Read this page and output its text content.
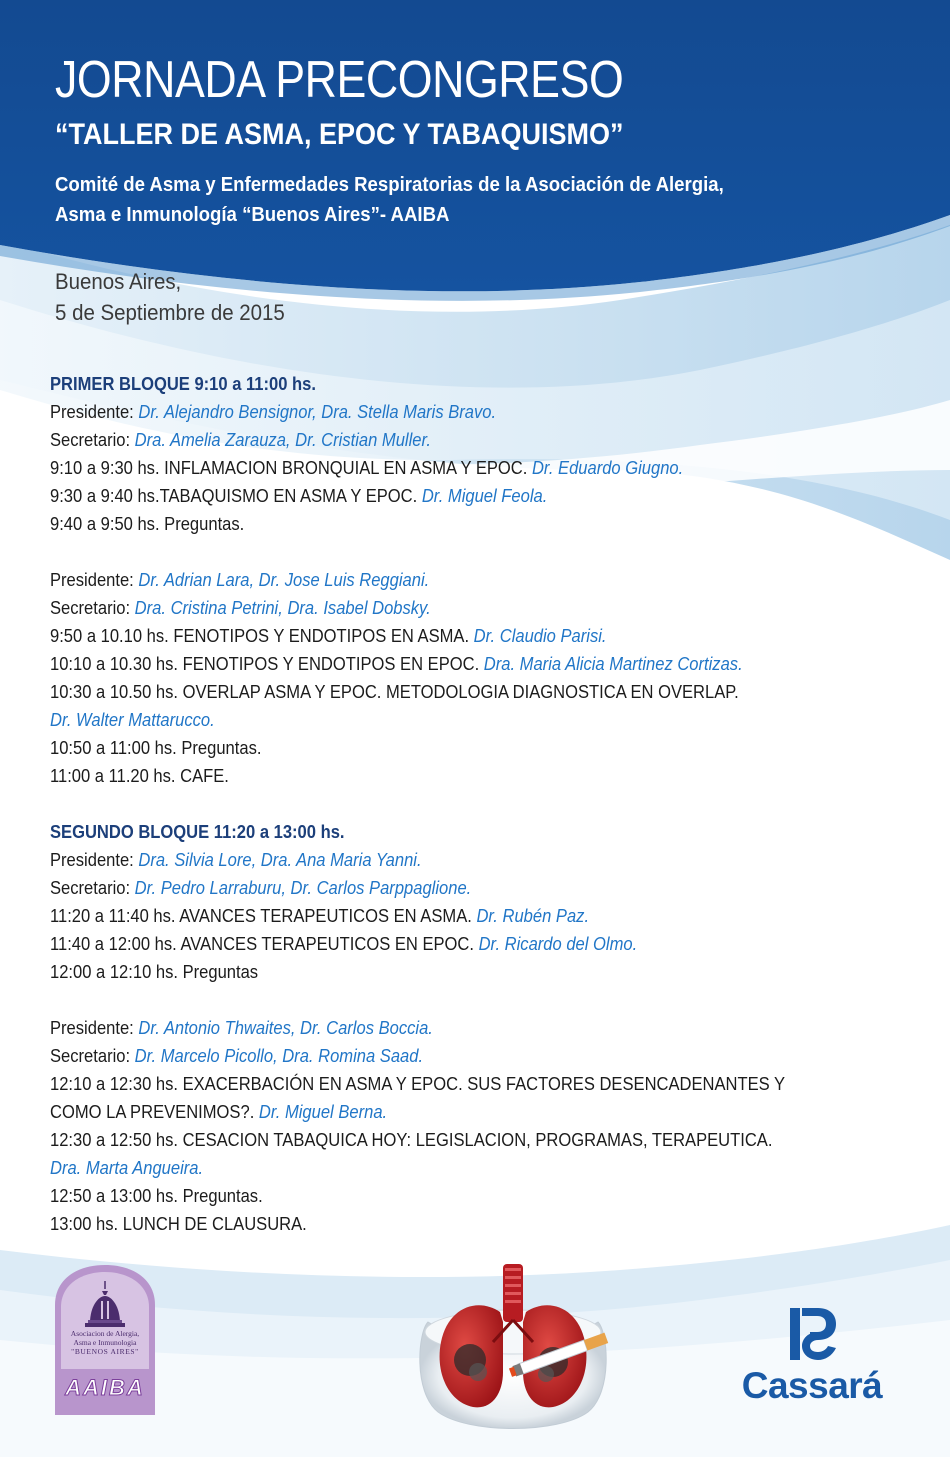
JORNADA PRECONGRESO
“TALLER DE ASMA, EPOC Y TABAQUISMO”
Comité de Asma y Enfermedades Respiratorias de la Asociación de Alergia,
Asma e Inmunología “Buenos Aires”- AAIBA
Buenos Aires,
5 de Septiembre de 2015
PRIMER BLOQUE 9:10 a 11:00 hs.
Presidente: Dr. Alejandro Bensignor, Dra. Stella Maris Bravo.
Secretario: Dra. Amelia Zarauza, Dr. Cristian Muller.
9:10 a 9:30 hs. INFLAMACION BRONQUIAL EN ASMA Y EPOC. Dr. Eduardo Giugno.
9:30 a 9:40 hs.TABAQUISMO EN ASMA Y EPOC. Dr. Miguel Feola.
9:40 a 9:50 hs. Preguntas.
Presidente: Dr. Adrian Lara, Dr. Jose Luis Reggiani.
Secretario: Dra. Cristina Petrini, Dra. Isabel Dobsky.
9:50 a 10.10 hs. FENOTIPOS Y ENDOTIPOS EN ASMA. Dr. Claudio Parisi.
10:10 a 10.30 hs. FENOTIPOS Y ENDOTIPOS EN EPOC. Dra. Maria Alicia Martinez Cortizas.
10:30 a 10.50 hs. OVERLAP ASMA Y EPOC. METODOLOGIA DIAGNOSTICA EN OVERLAP.
Dr. Walter Mattarucco.
10:50 a 11:00 hs. Preguntas.
11:00 a 11.20 hs. CAFE.
SEGUNDO BLOQUE 11:20 a 13:00 hs.
Presidente: Dra. Silvia Lore, Dra. Ana Maria Yanni.
Secretario: Dr. Pedro Larraburu, Dr. Carlos Parppaglione.
11:20 a 11:40 hs. AVANCES TERAPEUTICOS EN ASMA. Dr. Rubén Paz.
11:40 a 12:00 hs. AVANCES TERAPEUTICOS EN EPOC. Dr. Ricardo del Olmo.
12:00 a 12:10 hs. Preguntas
Presidente: Dr. Antonio Thwaites, Dr. Carlos Boccia.
Secretario: Dr. Marcelo Picollo, Dra. Romina Saad.
12:10 a 12:30 hs. EXACERBACIÓN EN ASMA Y EPOC. SUS FACTORES DESENCADENANTES Y
COMO LA PREVENIMOS?. Dr. Miguel Berna.
12:30 a 12:50 hs. CESACION TABAQUICA HOY: LEGISLACION, PROGRAMAS, TERAPEUTICA.
Dra. Marta Angueira.
12:50 a 13:00 hs. Preguntas.
13:00 hs. LUNCH DE CLAUSURA.
Asociacion de Alergia,
Asma e Inmunologia
"BUENOS AIRES"
AAIBA	Cassará
